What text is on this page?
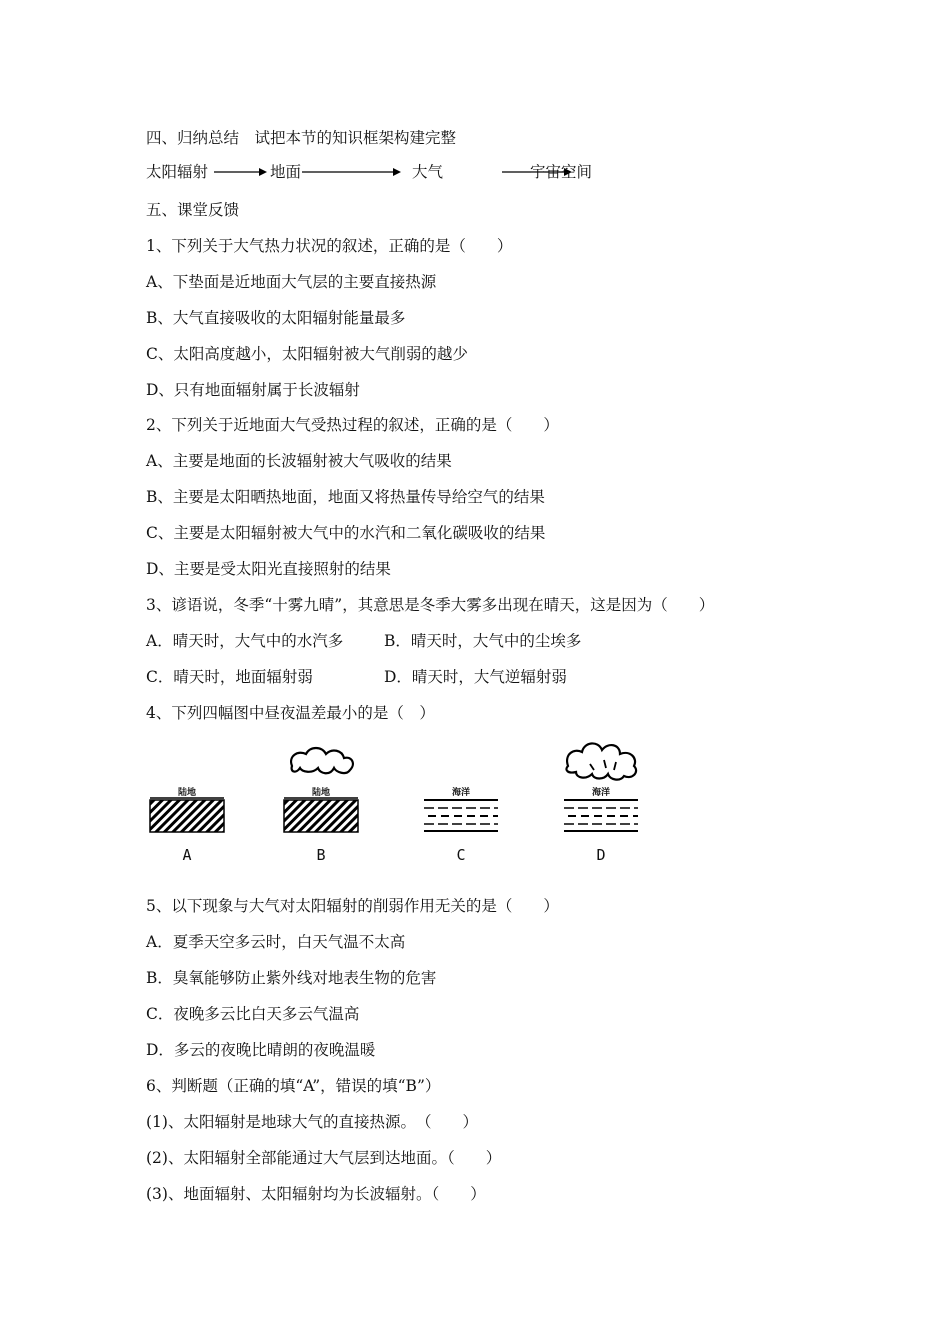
四、归纳总结　试把本节的知识框架构建完整
太阳辐射	地面	大气	宇宙空间
五、课堂反馈
1、下列关于大气热力状况的叙述，正确的是（　　）
A、下垫面是近地面大气层的主要直接热源
B、大气直接吸收的太阳辐射能量最多
C、太阳高度越小，太阳辐射被大气削弱的越少
D、只有地面辐射属于长波辐射
2、下列关于近地面大气受热过程的叙述，正确的是（　　）
A、主要是地面的长波辐射被大气吸收的结果
B、主要是太阳晒热地面，地面又将热量传导给空气的结果
C、主要是太阳辐射被大气中的水汽和二氧化碳吸收的结果
D、主要是受太阳光直接照射的结果
3、谚语说，冬季“十雾九晴”，其意思是冬季大雾多出现在晴天，这是因为（　　）
A．晴天时，大气中的水汽多	B．晴天时，大气中的尘埃多
C．晴天时，地面辐射弱	D．晴天时，大气逆辐射弱
4、下列四幅图中昼夜温差最小的是（　）
陆地
A
陆地
B
海洋
C
海洋
D
5、以下现象与大气对太阳辐射的削弱作用无关的是（　　）
A．夏季天空多云时，白天气温不太高
B．臭氧能够防止紫外线对地表生物的危害
C．夜晚多云比白天多云气温高
D．多云的夜晚比晴朗的夜晚温暖
6、判断题（正确的填“A”，错误的填“B”）
(1)、太阳辐射是地球大气的直接热源。　（　　）
(2)、太阳辐射全部能通过大气层到达地面。（　　）
(3)、地面辐射、太阳辐射均为长波辐射。（　　）
